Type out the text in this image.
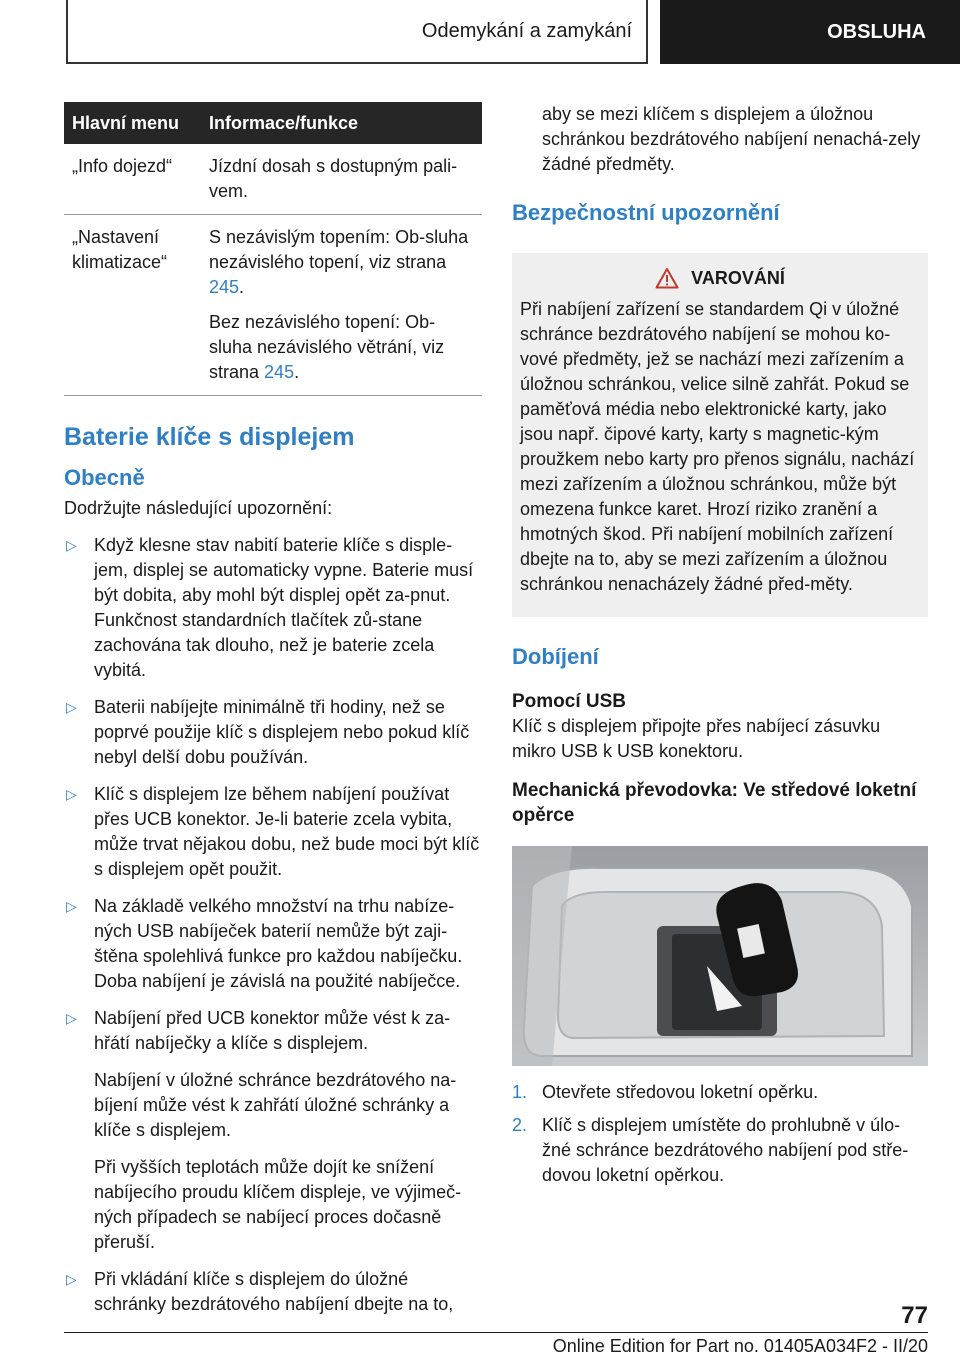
Odemykání a zamykání	OBSLUHA
Hlavní menu	Informace/funkce
„Info dojezd“	Jízdní dosah s dostupným pali-vem.
„Nastavení klimatizace“	S nezávislým topením: Ob-sluha nezávislého topení, viz strana 245.

Bez nezávislého topení: Ob-sluha nezávislého větrání, viz strana 245.

Baterie klíče s displejem
Obecně

Dodržujte následující upozornění:

▷ Když klesne stav nabití baterie klíče s disple-jem, displej se automaticky vypne. Baterie musí být dobita, aby mohl být displej opět za-pnut. Funkčnost standardních tlačítek zů-stane zachována tak dlouho, než je baterie zcela vybitá.
▷ Baterii nabíjejte minimálně tři hodiny, než se poprvé použije klíč s displejem nebo pokud klíč nebyl delší dobu používán.
▷ Klíč s displejem lze během nabíjení používat přes UCB konektor. Je-li baterie zcela vybita, může trvat nějakou dobu, než bude moci být klíč s displejem opět použit.
▷ Na základě velkého množství na trhu nabíze-ných USB nabíječek baterií nemůže být zaji-štěna spolehlivá funkce pro každou nabíječku. Doba nabíjení je závislá na použité nabíječce.
▷ Nabíjení před UCB konektor může vést k za-hřátí nabíječky a klíče s displejem.

Nabíjení v úložné schránce bezdrátového na-bíjení může vést k zahřátí úložné schránky a klíče s displejem.

Při vyšších teplotách může dojít ke snížení nabíjecího proudu klíčem displeje, ve výjimeč-ných případech se nabíjecí proces dočasně přeruší.

▷ Při vkládání klíče s displejem do úložné schránky bezdrátového nabíjení dbejte na to,

aby se mezi klíčem s displejem a úložnou schránkou bezdrátového nabíjení nenachá-zely žádné předměty.

Bezpečnostní upozornění
VAROVÁNÍ

Při nabíjení zařízení se standardem Qi v úložné schránce bezdrátového nabíjení se mohou ko-vové předměty, jež se nachází mezi zařízením a úložnou schránkou, velice silně zahřát. Pokud se paměťová média nebo elektronické karty, jako jsou např. čipové karty, karty s magnetic-kým proužkem nebo karty pro přenos signálu, nachází mezi zařízením a úložnou schránkou, může být omezena funkce karet. Hrozí riziko zranění a hmotných škod. Při nabíjení mobilních zařízení dbejte na to, aby se mezi zařízením a úložnou schránkou nenacházely žádné před-měty.

Dobíjení
Pomocí USB

Klíč s displejem připojte přes nabíjecí zásuvku mikro USB k USB konektoru.

Mechanická převodovka: Ve středové loketní opěrce
1. Otevřete středovou loketní opěrku.
2. Klíč s displejem umístěte do prohlubně v úlo-žné schránce bezdrátového nabíjení pod stře-dovou loketní opěrkou.
77
Online Edition for Part no. 01405A034F2 - II/20
